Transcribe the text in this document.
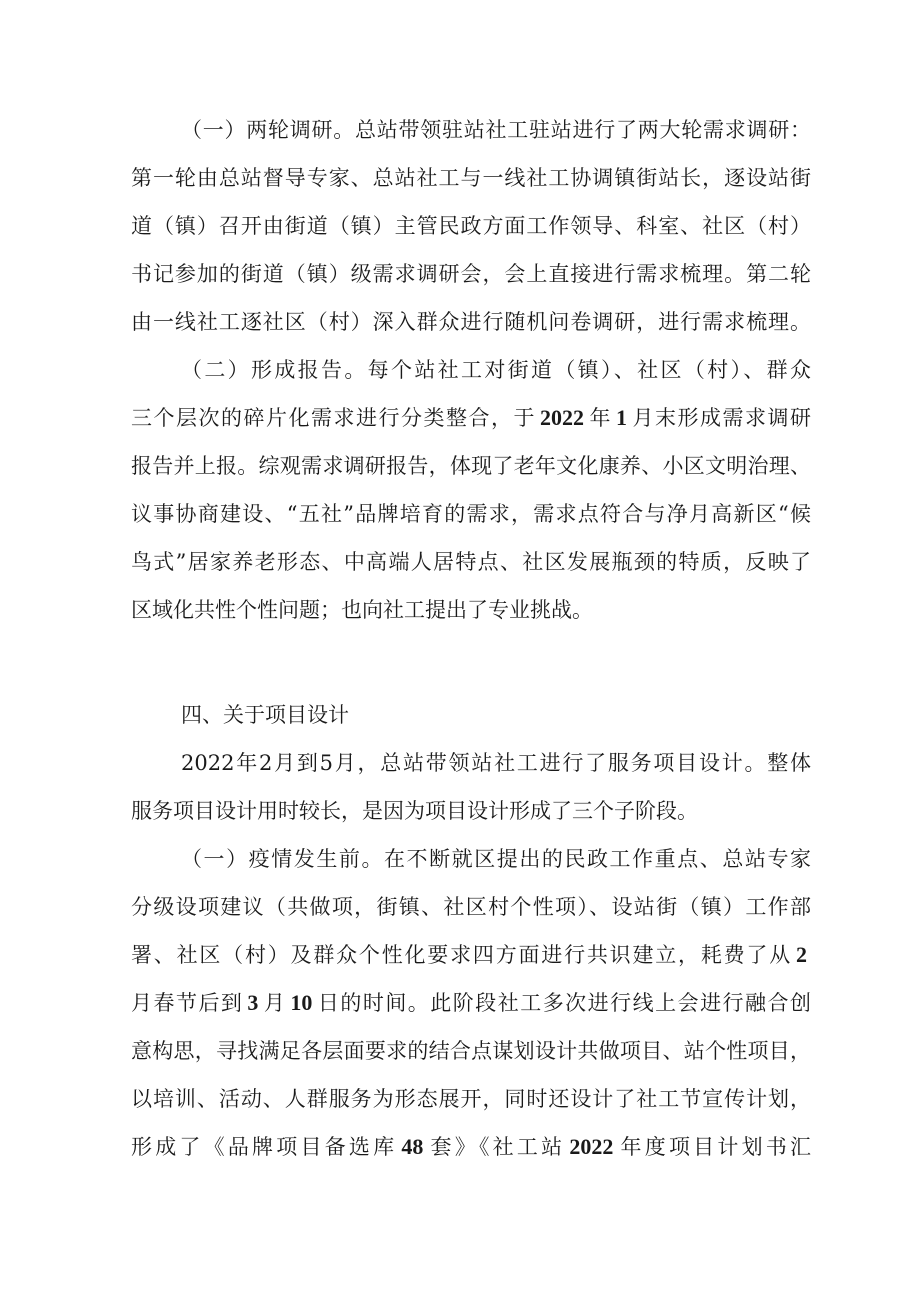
（一）两轮调研。总站带领驻站社工驻站进行了两大轮需求调研：
第一轮由总站督导专家、总站社工与一线社工协调镇街站长，逐设站街
道（镇）召开由街道（镇）主管民政方面工作领导、科室、社区（村）
书记参加的街道（镇）级需求调研会，会上直接进行需求梳理。第二轮
由一线社工逐社区（村）深入群众进行随机问卷调研，进行需求梳理。
（二）形成报告。每个站社工对街道（镇）、社区（村）、群众
三个层次的碎片化需求进行分类整合，于 2022 年 1 月末形成需求调研
报告并上报。综观需求调研报告，体现了老年文化康养、小区文明治理、
议事协商建设、“五社”品牌培育的需求，需求点符合与净月高新区“候
鸟式”居家养老形态、中高端人居特点、社区发展瓶颈的特质，反映了
区域化共性个性问题；也向社工提出了专业挑战。
四、关于项目设计
2022年2月到5月，总站带领站社工进行了服务项目设计。整体
服务项目设计用时较长，是因为项目设计形成了三个子阶段。
（一）疫情发生前。在不断就区提出的民政工作重点、总站专家
分级设项建议（共做项，街镇、社区村个性项）、设站街（镇）工作部
署、社区（村）及群众个性化要求四方面进行共识建立，耗费了从 2
月春节后到 3 月 10 日的时间。此阶段社工多次进行线上会进行融合创
意构思，寻找满足各层面要求的结合点谋划设计共做项目、站个性项目，
以培训、活动、人群服务为形态展开，同时还设计了社工节宣传计划，
形成了《品牌项目备选库 48 套》《社工站 2022 年度项目计划书汇
